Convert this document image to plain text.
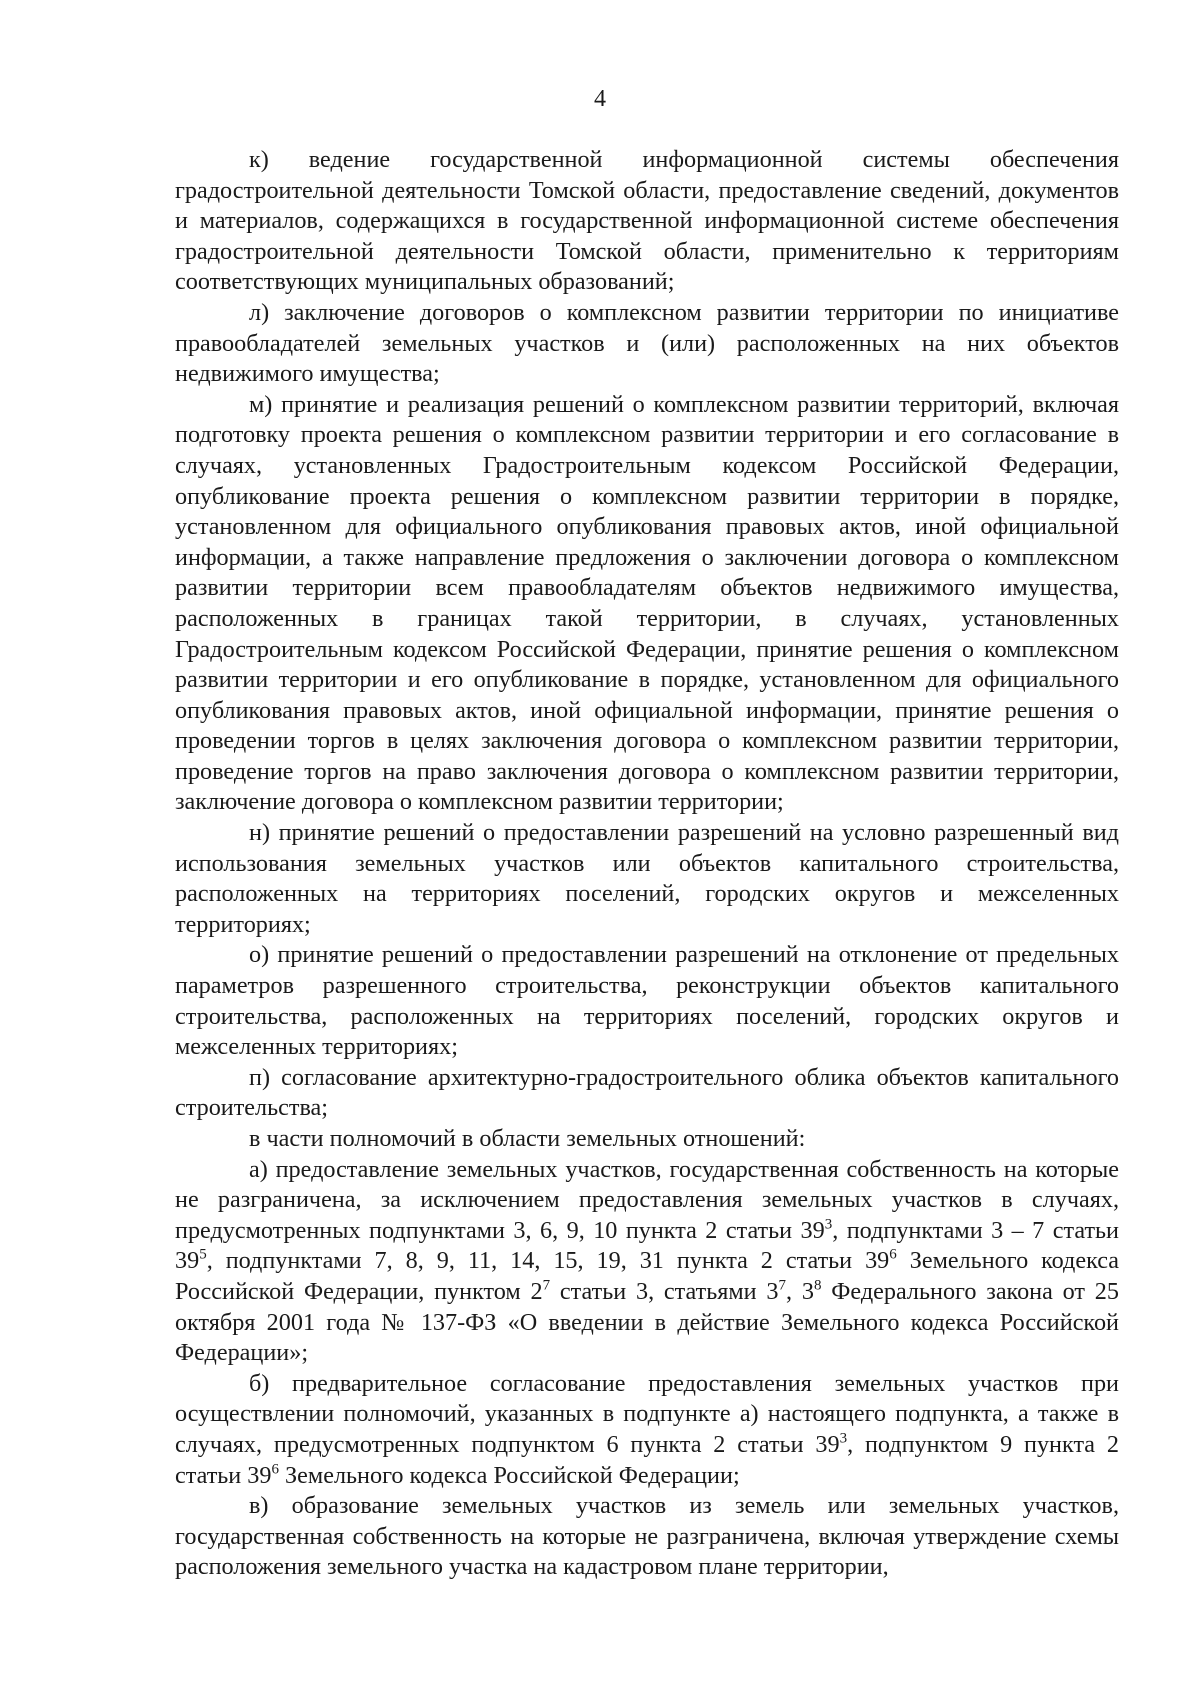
4

к) ведение государственной информационной системы обеспечения градостроительной деятельности Томской области, предоставление сведений, документов и материалов, содержащихся в государственной информационной системе обеспечения градостроительной деятельности Томской области, применительно к территориям соответствующих муниципальных образований;

л) заключение договоров о комплексном развитии территории по инициативе правообладателей земельных участков и (или) расположенных на них объектов недвижимого имущества;

м) принятие и реализация решений о комплексном развитии территорий, включая подготовку проекта решения о комплексном развитии территории и его согласование в случаях, установленных Градостроительным кодексом Российской Федерации, опубликование проекта решения о комплексном развитии территории в порядке, установленном для официального опубликования правовых актов, иной официальной информации, а также направление предложения о заключении договора о комплексном развитии территории всем правообладателям объектов недвижимого имущества, расположенных в границах такой территории, в случаях, установленных Градостроительным кодексом Российской Федерации, принятие решения о комплексном развитии территории и его опубликование в порядке, установленном для официального опубликования правовых актов, иной официальной информации, принятие решения о проведении торгов в целях заключения договора о комплексном развитии территории, проведение торгов на право заключения договора о комплексном развитии территории, заключение договора о комплексном развитии территории;

н) принятие решений о предоставлении разрешений на условно разрешенный вид использования земельных участков или объектов капитального строительства, расположенных на территориях поселений, городских округов и межселенных территориях;

о) принятие решений о предоставлении разрешений на отклонение от предельных параметров разрешенного строительства, реконструкции объектов капитального строительства, расположенных на территориях поселений, городских округов и межселенных территориях;

п) согласование архитектурно-градостроительного облика объектов капитального строительства;

в части полномочий в области земельных отношений:

а) предоставление земельных участков, государственная собственность на которые не разграничена, за исключением предоставления земельных участков в случаях, предусмотренных подпунктами 3, 6, 9, 10 пункта 2 статьи $39^3$, подпунктами 3 – 7 статьи $39^5$, подпунктами 7, 8, 9, 11, 14, 15, 19, 31 пункта 2 статьи $39^6$ Земельного кодекса Российской Федерации, пунктом $2^7$ статьи 3, статьями $3^7$, $3^8$ Федерального закона от 25 октября 2001 года № 137-ФЗ «О введении в действие Земельного кодекса Российской Федерации»;

б) предварительное согласование предоставления земельных участков при осуществлении полномочий, указанных в подпункте а) настоящего подпункта, а также в случаях, предусмотренных подпунктом 6 пункта 2 статьи $39^3$, подпунктом 9 пункта 2 статьи $39^6$ Земельного кодекса Российской Федерации;

в) образование земельных участков из земель или земельных участков, государственная собственность на которые не разграничена, включая утверждение схемы расположения земельного участка на кадастровом плане территории,
